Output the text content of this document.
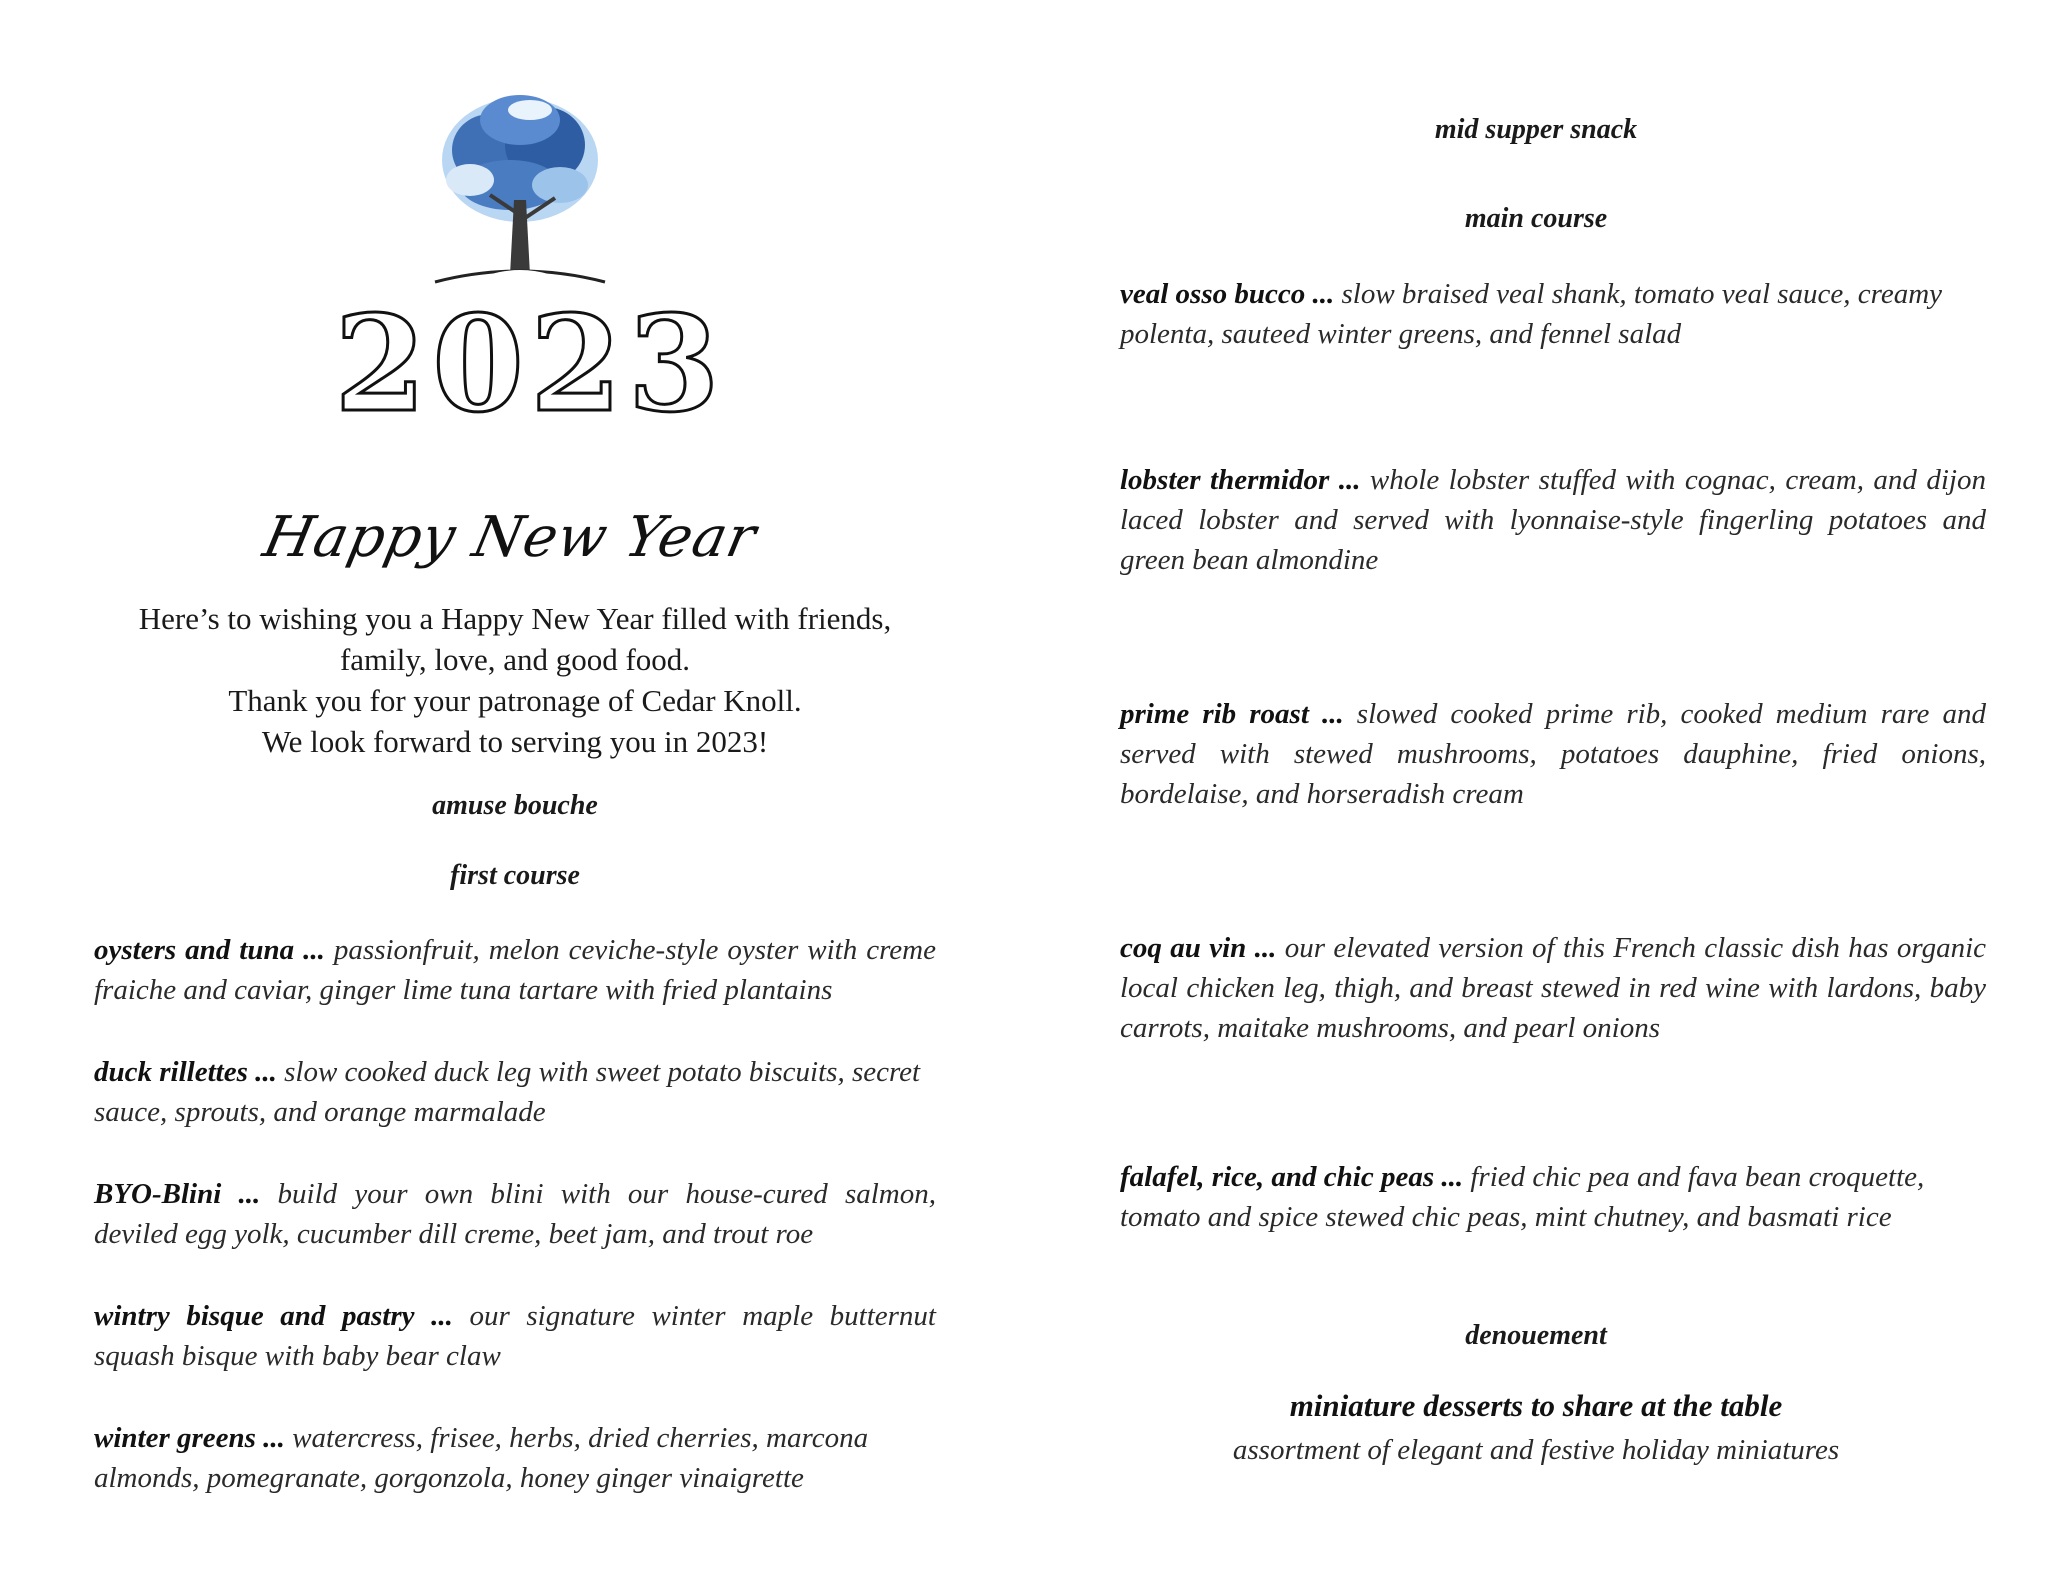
2023
Happy New Year
Here’s to wishing you a Happy New Year filled with friends,
family, love, and good food.
Thank you for your patronage of Cedar Knoll.
We look forward to serving you in 2023!
amuse bouche
first course
oysters and tuna ... passionfruit, melon ceviche-style oyster with creme fraiche and caviar, ginger lime tuna tartare with fried plantains
duck rillettes ... slow cooked duck leg with sweet potato biscuits, secret sauce, sprouts, and orange marmalade
BYO-Blini ... build your own blini with our house-cured salmon, deviled egg yolk, cucumber dill creme, beet jam, and trout roe
wintry bisque and pastry ... our signature winter maple butternut squash bisque with baby bear claw
winter greens ... watercress, frisee, herbs, dried cherries, marcona almonds, pomegranate, gorgonzola, honey ginger vinaigrette
mid supper snack
main course
veal osso bucco ... slow braised veal shank, tomato veal sauce, creamy polenta, sauteed winter greens, and fennel salad
lobster thermidor ... whole lobster stuffed with cognac, cream, and dijon laced lobster and served with lyonnaise-style fingerling potatoes and green bean almondine
prime rib roast ... slowed cooked prime rib, cooked medium rare and served with stewed mushrooms, potatoes dauphine, fried onions, bordelaise, and horseradish cream
coq au vin ... our elevated version of this French classic dish has organic local chicken leg, thigh, and breast stewed in red wine with lardons, baby carrots, maitake mushrooms, and pearl onions
falafel, rice, and chic peas ... fried chic pea and fava bean croquette, tomato and spice stewed chic peas, mint chutney, and basmati rice
denouement
miniature desserts to share at the table
assortment of elegant and festive holiday miniatures
